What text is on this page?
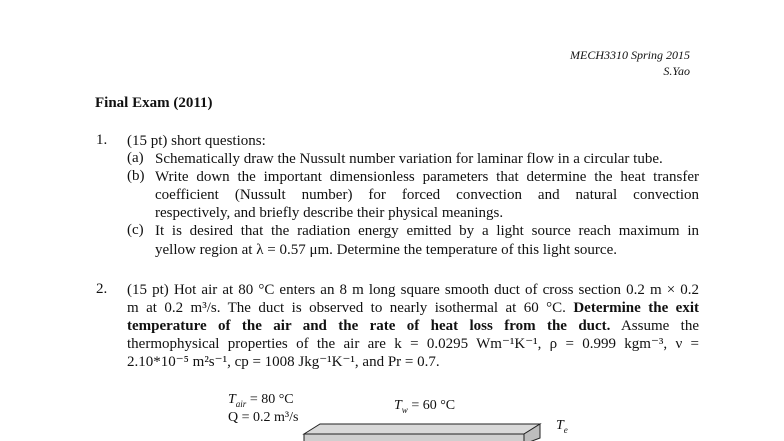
MECH3310 Spring 2015
S.Yao
Final Exam (2011)
1. (15 pt) short questions:
(a) Schematically draw the Nussult number variation for laminar flow in a circular tube.
(b) Write down the important dimensionless parameters that determine the heat transfer
coefficient (Nussult number) for forced convection and natural convection
respectively, and briefly describe their physical meanings.
(c) It is desired that the radiation energy emitted by a light source reach maximum in
yellow region at λ = 0.57 μm. Determine the temperature of this light source.
2. (15 pt) Hot air at 80 °C enters an 8 m long square smooth duct of cross section 0.2 m × 0.2
m at 0.2 m³/s. The duct is observed to nearly isothermal at 60 °C. Determine the exit
temperature of the air and the rate of heat loss from the duct. Assume the
thermophysical properties of the air are k = 0.0295 Wm⁻¹K⁻¹, ρ = 0.999 kgm⁻³, ν =
2.10*10⁻⁵ m²s⁻¹, cp = 1008 Jkg⁻¹K⁻¹, and Pr = 0.7.
$T_{air} = 80$ °C
Q = 0.2 m³/s
$T_w = 60$ °C
$T_e$
